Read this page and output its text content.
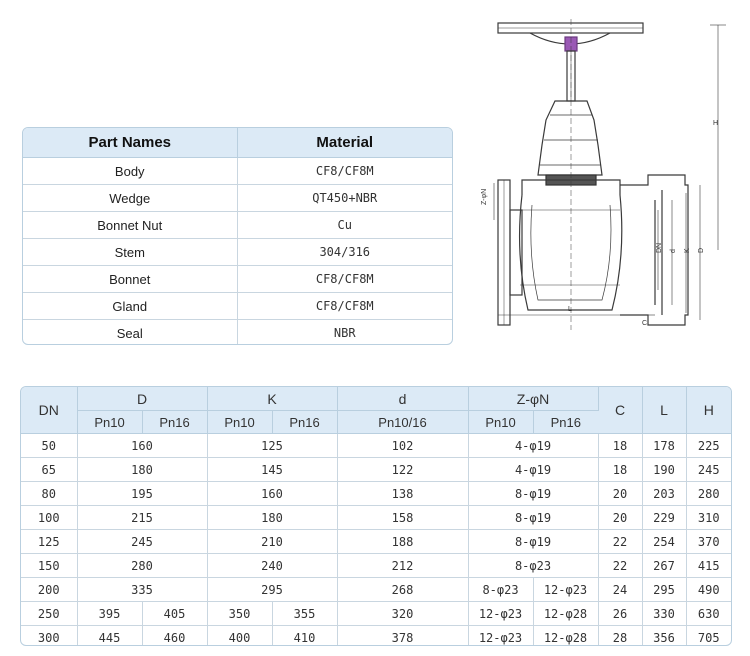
Part Names	Material
Body	CF8/CF8M
Wedge	QT450+NBR
Bonnet Nut	Cu
Stem	304/316
Bonnet	CF8/CF8M
Gland	CF8/CF8M
Seal	NBR
H
Z-φN
DN d K D
L
C
DN	D		K		d	Z-φN		C	L	H
	Pn10	Pn16	Pn10	Pn16	Pn10/16	Pn10	Pn16			
50	160		125		102	4-φ19		18	178	225
65	180		145		122	4-φ19		18	190	245
80	195		160		138	8-φ19		20	203	280
100	215		180		158	8-φ19		20	229	310
125	245		210		188	8-φ19		22	254	370
150	280		240		212	8-φ23		22	267	415
200	335		295		268	8-φ23	12-φ23	24	295	490
250	395	405	350	355	320	12-φ23	12-φ28	26	330	630
300	445	460	400	410	378	12-φ23	12-φ28	28	356	705
